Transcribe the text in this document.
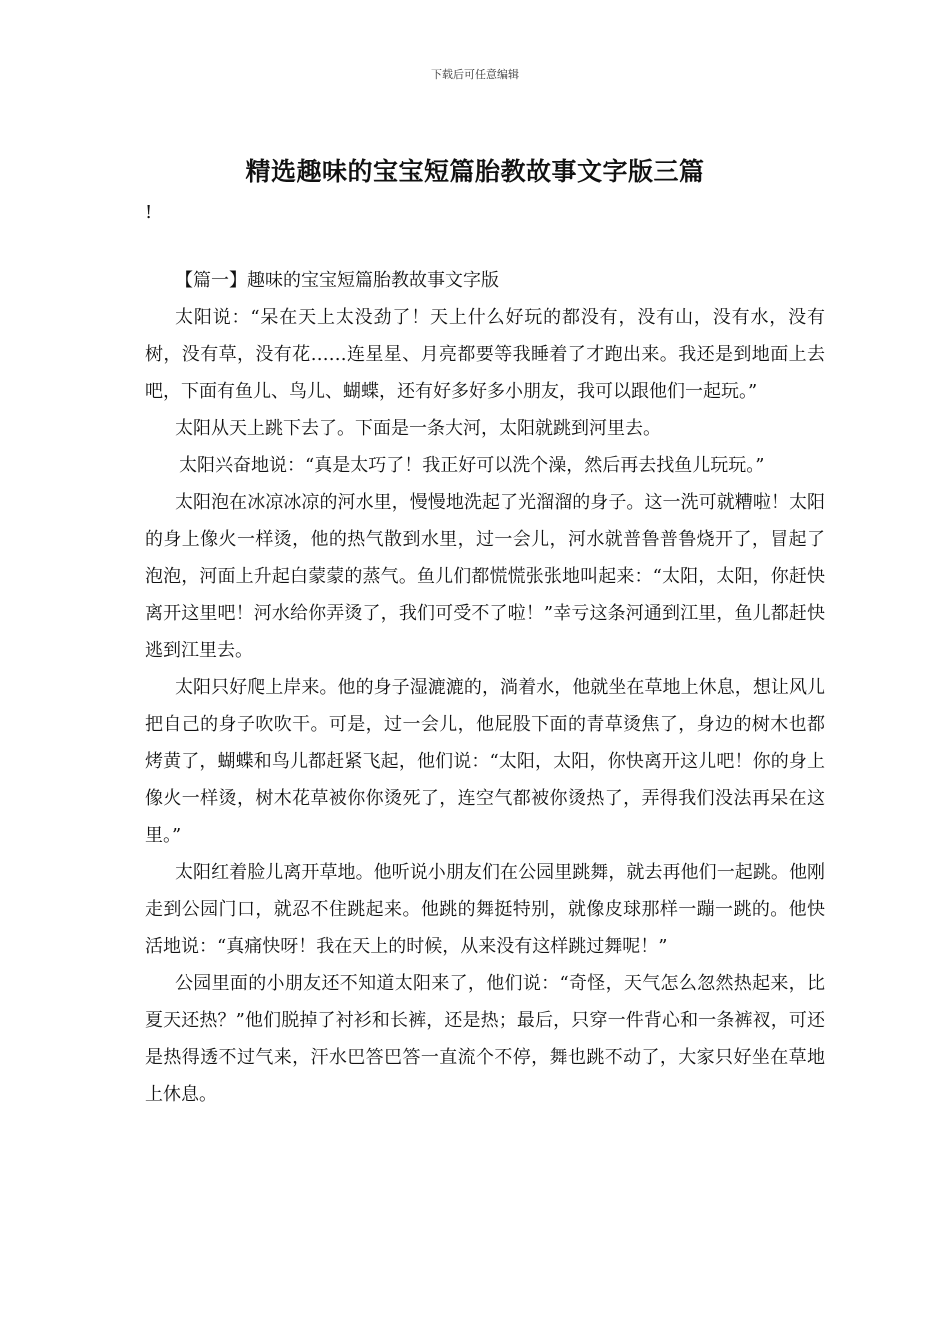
下载后可任意编辑
精选趣味的宝宝短篇胎教故事文字版三篇
!

【篇一】趣味的宝宝短篇胎教故事文字版

太阳说：“呆在天上太没劲了！天上什么好玩的都没有，没有山，没有水，没有树，没有草，没有花……连星星、月亮都要等我睡着了才跑出来。我还是到地面上去吧，下面有鱼儿、鸟儿、蝴蝶，还有好多好多小朋友，我可以跟他们一起玩。”

太阳从天上跳下去了。下面是一条大河，太阳就跳到河里去。

太阳兴奋地说：“真是太巧了！我正好可以洗个澡，然后再去找鱼儿玩玩。”

太阳泡在冰凉冰凉的河水里，慢慢地洗起了光溜溜的身子。这一洗可就糟啦！太阳的身上像火一样烫，他的热气散到水里，过一会儿，河水就普鲁普鲁烧开了，冒起了泡泡，河面上升起白蒙蒙的蒸气。鱼儿们都慌慌张张地叫起来：“太阳，太阳，你赶快离开这里吧！河水给你弄烫了，我们可受不了啦！”幸亏这条河通到江里，鱼儿都赶快逃到江里去。

太阳只好爬上岸来。他的身子湿漉漉的，淌着水，他就坐在草地上休息，想让风儿把自己的身子吹吹干。可是，过一会儿，他屁股下面的青草烫焦了，身边的树木也都烤黄了，蝴蝶和鸟儿都赶紧飞起，他们说：“太阳，太阳，你快离开这儿吧！你的身上像火一样烫，树木花草被你你烫死了，连空气都被你烫热了，弄得我们没法再呆在这里。”

太阳红着脸儿离开草地。他听说小朋友们在公园里跳舞，就去再他们一起跳。他刚走到公园门口，就忍不住跳起来。他跳的舞挺特别，就像皮球那样一蹦一跳的。他快活地说：“真痛快呀！我在天上的时候，从来没有这样跳过舞呢！”

公园里面的小朋友还不知道太阳来了，他们说：“奇怪，天气怎么忽然热起来，比夏天还热？”他们脱掉了衬衫和长裤，还是热；最后，只穿一件背心和一条裤衩，可还是热得透不过气来，汗水巴答巴答一直流个不停，舞也跳不动了，大家只好坐在草地上休息。
